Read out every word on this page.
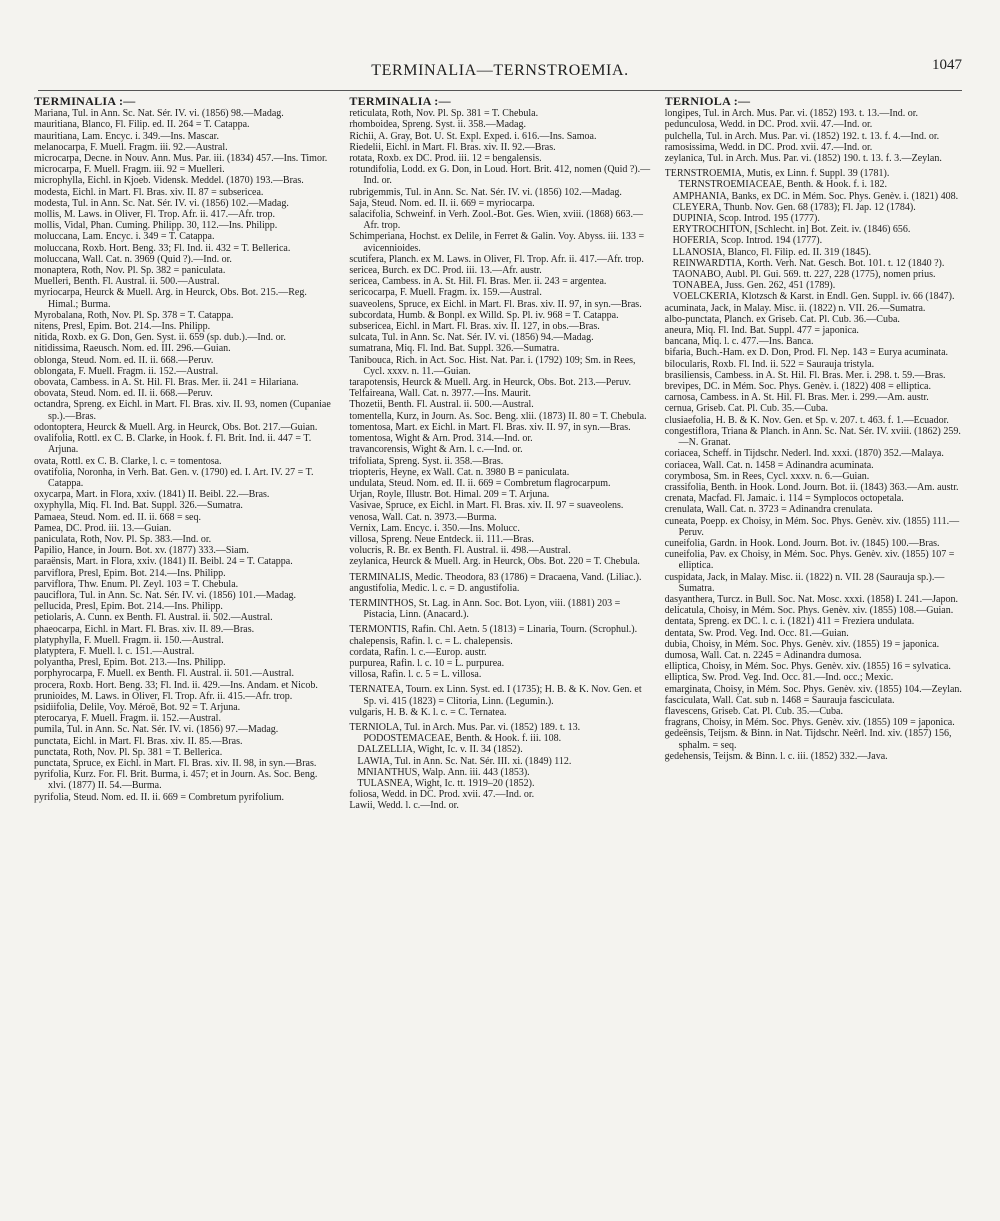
TERMINALIA—TERNSTROEMIA.	1047

TERMINALIA :—

Mariana, Tul. in Ann. Sc. Nat. Sér. IV. vi. (1856) 98.—Madag.

mauritiana, Blanco, Fl. Filip. ed. II. 264 = T. Catappa.

mauritiana, Lam. Encyc. i. 349.—Ins. Mascar.

melanocarpa, F. Muell. Fragm. iii. 92.—Austral.

microcarpa, Decne. in Nouv. Ann. Mus. Par. iii. (1834) 457.—Ins. Timor.

microcarpa, F. Muell. Fragm. iii. 92 = Muelleri.

microphylla, Eichl. in Kjoeb. Vidensk. Meddel. (1870) 193.—Bras.

modesta, Eichl. in Mart. Fl. Bras. xiv. II. 87 = subsericea.

modesta, Tul. in Ann. Sc. Nat. Sér. IV. vi. (1856) 102.—Madag.

mollis, M. Laws. in Oliver, Fl. Trop. Afr. ii. 417.—Afr. trop.

mollis, Vidal, Phan. Cuming. Philipp. 30, 112.—Ins. Philipp.

moluccana, Lam. Encyc. i. 349 = T. Catappa.

moluccana, Roxb. Hort. Beng. 33; Fl. Ind. ii. 432 = T. Bellerica.

moluccana, Wall. Cat. n. 3969 (Quid ?).—Ind. or.

monaptera, Roth, Nov. Pl. Sp. 382 = paniculata.

Muelleri, Benth. Fl. Austral. ii. 500.—Austral.

myriocarpa, Heurck & Muell. Arg. in Heurck, Obs. Bot. 215.—Reg. Himal.; Burma.

Myrobalana, Roth, Nov. Pl. Sp. 378 = T. Catappa.

nitens, Presl, Epim. Bot. 214.—Ins. Philipp.

nitida, Roxb. ex G. Don, Gen. Syst. ii. 659 (sp. dub.).—Ind. or.

nitidissima, Raeusch. Nom. ed. III. 296.—Guian.

oblonga, Steud. Nom. ed. II. ii. 668.—Peruv.

oblongata, F. Muell. Fragm. ii. 152.—Austral.

obovata, Cambess. in A. St. Hil. Fl. Bras. Mer. ii. 241 = Hilariana.

obovata, Steud. Nom. ed. II. ii. 668.—Peruv.

octandra, Spreng. ex Eichl. in Mart. Fl. Bras. xiv. II. 93, nomen (Cupaniae sp.).—Bras.

odontoptera, Heurck & Muell. Arg. in Heurck, Obs. Bot. 217.—Guian.

ovalifolia, Rottl. ex C. B. Clarke, in Hook. f. Fl. Brit. Ind. ii. 447 = T. Arjuna.

ovata, Rottl. ex C. B. Clarke, l. c. = tomentosa.

ovatifolia, Noronha, in Verh. Bat. Gen. v. (1790) ed. I. Art. IV. 27 = T. Catappa.

oxycarpa, Mart. in Flora, xxiv. (1841) II. Beibl. 22.—Bras.

oxyphylla, Miq. Fl. Ind. Bat. Suppl. 326.—Sumatra.

Pamaea, Steud. Nom. ed. II. ii. 668 = seq.

Pamea, DC. Prod. iii. 13.—Guian.

paniculata, Roth, Nov. Pl. Sp. 383.—Ind. or.

Papilio, Hance, in Journ. Bot. xv. (1877) 333.—Siam.

paraënsis, Mart. in Flora, xxiv. (1841) II. Beibl. 24 = T. Catappa.

parviflora, Presl, Epim. Bot. 214.—Ins. Philipp.

parviflora, Thw. Enum. Pl. Zeyl. 103 = T. Chebula.

pauciflora, Tul. in Ann. Sc. Nat. Sér. IV. vi. (1856) 101.—Madag.

pellucida, Presl, Epim. Bot. 214.—Ins. Philipp.

petiolaris, A. Cunn. ex Benth. Fl. Austral. ii. 502.—Austral.

phaeocarpa, Eichl. in Mart. Fl. Bras. xiv. II. 89.—Bras.

platyphylla, F. Muell. Fragm. ii. 150.—Austral.

platyptera, F. Muell. l. c. 151.—Austral.

polyantha, Presl, Epim. Bot. 213.—Ins. Philipp.

porphyrocarpa, F. Muell. ex Benth. Fl. Austral. ii. 501.—Austral.

procera, Roxb. Hort. Beng. 33; Fl. Ind. ii. 429.—Ins. Andam. et Nicob.

prunioides, M. Laws. in Oliver, Fl. Trop. Afr. ii. 415.—Afr. trop.

psidiifolia, Delile, Voy. Méroë, Bot. 92 = T. Arjuna.

pterocarya, F. Muell. Fragm. ii. 152.—Austral.

pumila, Tul. in Ann. Sc. Nat. Sér. IV. vi. (1856) 97.—Madag.

punctata, Eichl. in Mart. Fl. Bras. xiv. II. 85.—Bras.

punctata, Roth, Nov. Pl. Sp. 381 = T. Bellerica.

punctata, Spruce, ex Eichl. in Mart. Fl. Bras. xiv. II. 98, in syn.—Bras.

pyrifolia, Kurz. For. Fl. Brit. Burma, i. 457; et in Journ. As. Soc. Beng. xlvi. (1877) II. 54.—Burma.

pyrifolia, Steud. Nom. ed. II. ii. 669 = Combretum pyrifolium.

TERMINALIA :—

reticulata, Roth, Nov. Pl. Sp. 381 = T. Chebula.

rhomboidea, Spreng. Syst. ii. 358.—Madag.

Richii, A. Gray, Bot. U. St. Expl. Exped. i. 616.—Ins. Samoa.

Riedelii, Eichl. in Mart. Fl. Bras. xiv. II. 92.—Bras.

rotata, Roxb. ex DC. Prod. iii. 12 = bengalensis.

rotundifolia, Lodd. ex G. Don, in Loud. Hort. Brit. 412, nomen (Quid ?).—Ind. or.

rubrigemmis, Tul. in Ann. Sc. Nat. Sér. IV. vi. (1856) 102.—Madag.

Saja, Steud. Nom. ed. II. ii. 669 = myriocarpa.

salacifolia, Schweinf. in Verh. Zool.-Bot. Ges. Wien, xviii. (1868) 663.—Afr. trop.

Schimperiana, Hochst. ex Delile, in Ferret & Galin. Voy. Abyss. iii. 133 = avicennioides.

scutifera, Planch. ex M. Laws. in Oliver, Fl. Trop. Afr. ii. 417.—Afr. trop.

sericea, Burch. ex DC. Prod. iii. 13.—Afr. austr.

sericea, Cambess. in A. St. Hil. Fl. Bras. Mer. ii. 243 = argentea.

sericocarpa, F. Muell. Fragm. ix. 159.—Austral.

suaveolens, Spruce, ex Eichl. in Mart. Fl. Bras. xiv. II. 97, in syn.—Bras.

subcordata, Humb. & Bonpl. ex Willd. Sp. Pl. iv. 968 = T. Catappa.

subsericea, Eichl. in Mart. Fl. Bras. xiv. II. 127, in obs.—Bras.

sulcata, Tul. in Ann. Sc. Nat. Sér. IV. vi. (1856) 94.—Madag.

sumatrana, Miq. Fl. Ind. Bat. Suppl. 326.—Sumatra.

Tanibouca, Rich. in Act. Soc. Hist. Nat. Par. i. (1792) 109; Sm. in Rees, Cycl. xxxv. n. 11.—Guian.

tarapotensis, Heurck & Muell. Arg. in Heurck, Obs. Bot. 213.—Peruv.

Telfaireana, Wall. Cat. n. 3977.—Ins. Maurit.

Thozetii, Benth. Fl. Austral. ii. 500.—Austral.

tomentella, Kurz, in Journ. As. Soc. Beng. xlii. (1873) II. 80 = T. Chebula.

tomentosa, Mart. ex Eichl. in Mart. Fl. Bras. xiv. II. 97, in syn.—Bras.

tomentosa, Wight & Arn. Prod. 314.—Ind. or.

travancorensis, Wight & Arn. l. c.—Ind. or.

trifoliata, Spreng. Syst. ii. 358.—Bras.

triopteris, Heyne, ex Wall. Cat. n. 3980 B = paniculata.

undulata, Steud. Nom. ed. II. ii. 669 = Combretum flagrocarpum.

Urjan, Royle, Illustr. Bot. Himal. 209 = T. Arjuna.

Vasivae, Spruce, ex Eichl. in Mart. Fl. Bras. xiv. II. 97 = suaveolens.

venosa, Wall. Cat. n. 3973.—Burma.

Vernix, Lam. Encyc. i. 350.—Ins. Molucc.

villosa, Spreng. Neue Entdeck. ii. 111.—Bras.

volucris, R. Br. ex Benth. Fl. Austral. ii. 498.—Austral.

zeylanica, Heurck & Muell. Arg. in Heurck, Obs. Bot. 220 = T. Chebula.

TERMINALIS, Medic. Theodora, 83 (1786) = Dracaena, Vand. (Liliac.).

angustifolia, Medic. l. c. = D. angustifolia.

TERMINTHOS, St. Lag. in Ann. Soc. Bot. Lyon, viii. (1881) 203 = Pistacia, Linn. (Anacard.).

TERMONTIS, Rafin. Chl. Aetn. 5 (1813) = Linaria, Tourn. (Scrophul.).

chalepensis, Rafin. l. c. = L. chalepensis.

cordata, Rafin. l. c.—Europ. austr.

purpurea, Rafin. l. c. 10 = L. purpurea.

villosa, Rafin. l. c. 5 = L. villosa.

TERNATEA, Tourn. ex Linn. Syst. ed. I (1735); H. B. & K. Nov. Gen. et Sp. vi. 415 (1823) = Clitoria, Linn. (Legumin.).

vulgaris, H. B. & K. l. c. = C. Ternatea.

TERNIOLA, Tul. in Arch. Mus. Par. vi. (1852) 189. t. 13. PODOSTEMACEAE, Benth. & Hook. f. iii. 108.

DALZELLIA, Wight, Ic. v. II. 34 (1852).

LAWIA, Tul. in Ann. Sc. Nat. Sér. III. xi. (1849) 112.

MNIANTHUS, Walp. Ann. iii. 443 (1853).

TULASNEA, Wight, Ic. tt. 1919–20 (1852).

foliosa, Wedd. in DC. Prod. xvii. 47.—Ind. or.

Lawii, Wedd. l. c.—Ind. or.

TERNIOLA :—

longipes, Tul. in Arch. Mus. Par. vi. (1852) 193. t. 13.—Ind. or.

pedunculosa, Wedd. in DC. Prod. xvii. 47.—Ind. or.

pulchella, Tul. in Arch. Mus. Par. vi. (1852) 192. t. 13. f. 4.—Ind. or.

ramosissima, Wedd. in DC. Prod. xvii. 47.—Ind. or.

zeylanica, Tul. in Arch. Mus. Par. vi. (1852) 190. t. 13. f. 3.—Zeylan.

TERNSTROEMIA, Mutis, ex Linn. f. Suppl. 39 (1781). TERNSTROEMIACEAE, Benth. & Hook. f. i. 182.

AMPHANIA, Banks, ex DC. in Mém. Soc. Phys. Genèv. i. (1821) 408.

CLEYERA, Thunb. Nov. Gen. 68 (1783); Fl. Jap. 12 (1784).

DUPINIA, Scop. Introd. 195 (1777).

ERYTROCHITON, [Schlecht. in] Bot. Zeit. iv. (1846) 656.

HOFERIA, Scop. Introd. 194 (1777).

LLANOSIA, Blanco, Fl. Filip. ed. II. 319 (1845).

REINWARDTIA, Korth. Verh. Nat. Gesch. Bot. 101. t. 12 (1840 ?).

TAONABO, Aubl. Pl. Gui. 569. tt. 227, 228 (1775), nomen prius.

TONABEA, Juss. Gen. 262, 451 (1789).

VOELCKERIA, Klotzsch & Karst. in Endl. Gen. Suppl. iv. 66 (1847).

acuminata, Jack, in Malay. Misc. ii. (1822) n. VII. 26.—Sumatra.

albo-punctata, Planch. ex Griseb. Cat. Pl. Cub. 36.—Cuba.

aneura, Miq. Fl. Ind. Bat. Suppl. 477 = japonica.

bancana, Miq. l. c. 477.—Ins. Banca.

bifaria, Buch.-Ham. ex D. Don, Prod. Fl. Nep. 143 = Eurya acuminata.

bilocularis, Roxb. Fl. Ind. ii. 522 = Saurauja tristyla.

brasiliensis, Cambess. in A. St. Hil. Fl. Bras. Mer. i. 298. t. 59.—Bras.

brevipes, DC. in Mém. Soc. Phys. Genèv. i. (1822) 408 = elliptica.

carnosa, Cambess. in A. St. Hil. Fl. Bras. Mer. i. 299.—Am. austr.

cernua, Griseb. Cat. Pl. Cub. 35.—Cuba.

clusiaefolia, H. B. & K. Nov. Gen. et Sp. v. 207. t. 463. f. 1.—Ecuador.

congestiflora, Triana & Planch. in Ann. Sc. Nat. Sér. IV. xviii. (1862) 259.—N. Granat.

coriacea, Scheff. in Tijdschr. Nederl. Ind. xxxi. (1870) 352.—Malaya.

coriacea, Wall. Cat. n. 1458 = Adinandra acuminata.

corymbosa, Sm. in Rees, Cycl. xxxv. n. 6.—Guian.

crassifolia, Benth. in Hook. Lond. Journ. Bot. ii. (1843) 363.—Am. austr.

crenata, Macfad. Fl. Jamaic. i. 114 = Symplocos octopetala.

crenulata, Wall. Cat. n. 3723 = Adinandra crenulata.

cuneata, Poepp. ex Choisy, in Mém. Soc. Phys. Genèv. xiv. (1855) 111.—Peruv.

cuneifolia, Gardn. in Hook. Lond. Journ. Bot. iv. (1845) 100.—Bras.

cuneifolia, Pav. ex Choisy, in Mém. Soc. Phys. Genèv. xiv. (1855) 107 = elliptica.

cuspidata, Jack, in Malay. Misc. ii. (1822) n. VII. 28 (Saurauja sp.).—Sumatra.

dasyanthera, Turcz. in Bull. Soc. Nat. Mosc. xxxi. (1858) I. 241.—Japon.

delicatula, Choisy, in Mém. Soc. Phys. Genèv. xiv. (1855) 108.—Guian.

dentata, Spreng. ex DC. l. c. i. (1821) 411 = Freziera undulata.

dentata, Sw. Prod. Veg. Ind. Occ. 81.—Guian.

dubia, Choisy, in Mém. Soc. Phys. Genèv. xiv. (1855) 19 = japonica.

dumosa, Wall. Cat. n. 2245 = Adinandra dumosa.

elliptica, Choisy, in Mém. Soc. Phys. Genèv. xiv. (1855) 16 = sylvatica.

elliptica, Sw. Prod. Veg. Ind. Occ. 81.—Ind. occ.; Mexic.

emarginata, Choisy, in Mém. Soc. Phys. Genèv. xiv. (1855) 104.—Zeylan.

fasciculata, Wall. Cat. sub n. 1468 = Saurauja fasciculata.

flavescens, Griseb. Cat. Pl. Cub. 35.—Cuba.

fragrans, Choisy, in Mém. Soc. Phys. Genèv. xiv. (1855) 109 = japonica.

gedeënsis, Teijsm. & Binn. in Nat. Tijdschr. Neêrl. Ind. xiv. (1857) 156, sphalm. = seq.

gedehensis, Teijsm. & Binn. l. c. iii. (1852) 332.—Java.
